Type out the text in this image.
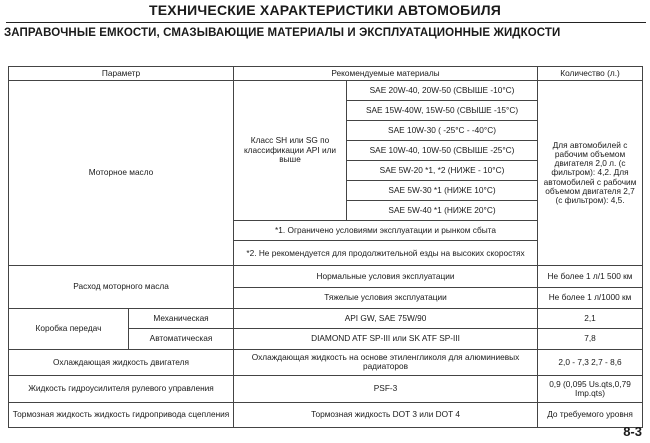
ТЕХНИЧЕСКИЕ ХАРАКТЕРИСТИКИ АВТОМОБИЛЯ
ЗАПРАВОЧНЫЕ ЕМКОСТИ, СМАЗЫВАЮЩИЕ МАТЕРИАЛЫ И ЭКСПЛУАТАЦИОННЫЕ ЖИДКОСТИ
Параметр		Рекомендуемые материалы		Количество (л.)
Моторное масло		Класс SH или SG по классификации API или выше	SAE 20W-40, 20W-50 (СВЫШЕ -10°С)	Для автомобилей с рабочим объемом двигателя 2,0 л. (с фильтром): 4,2. Для автомобилей с рабочим объемом двигателя 2,7 (с фильтром): 4,5.
			SAE 15W-40W, 15W-50 (СВЫШЕ -15°С)	
			SAE 10W-30 ( -25°С - -40°С)	
			SAE 10W-40, 10W-50 (СВЫШЕ -25°С)	
			SAE 5W-20 *1, *2 (НИЖЕ - 10°С)	
			SAE 5W-30 *1 (НИЖЕ 10°С)	
			SAE 5W-40 *1 (НИЖЕ 20°С)	
		*1. Ограничено условиями эксплуатации и рынком сбыта		
		*2. Не рекомендуется для продолжительной езды на высоких скоростях		
Расход моторного масла		Нормальные условия эксплуатации		Не более 1 л/1 500 км
		Тяжелые условия эксплуатации		Не более 1 л/1000 км
Коробка передач	Механическая	API GW, SAE 75W/90		2,1
	Автоматическая	DIAMOND ATF SP-III или SK ATF SP-III		7,8
Охлаждающая жидкость двигателя		Охлаждающая жидкость на основе этиленгликоля для алюминиевых радиаторов		2,0 - 7,3 2,7 - 8,6
Жидкость гидроусилителя рулевого управления		PSF-3		0,9 (0,095 Us.qts,0,79 Imp.qts)
Тормозная жидкость жидкость гидропривода сцепления		Тормозная жидкость DOT 3 или DOT 4		До требуемого уровня
8-3
